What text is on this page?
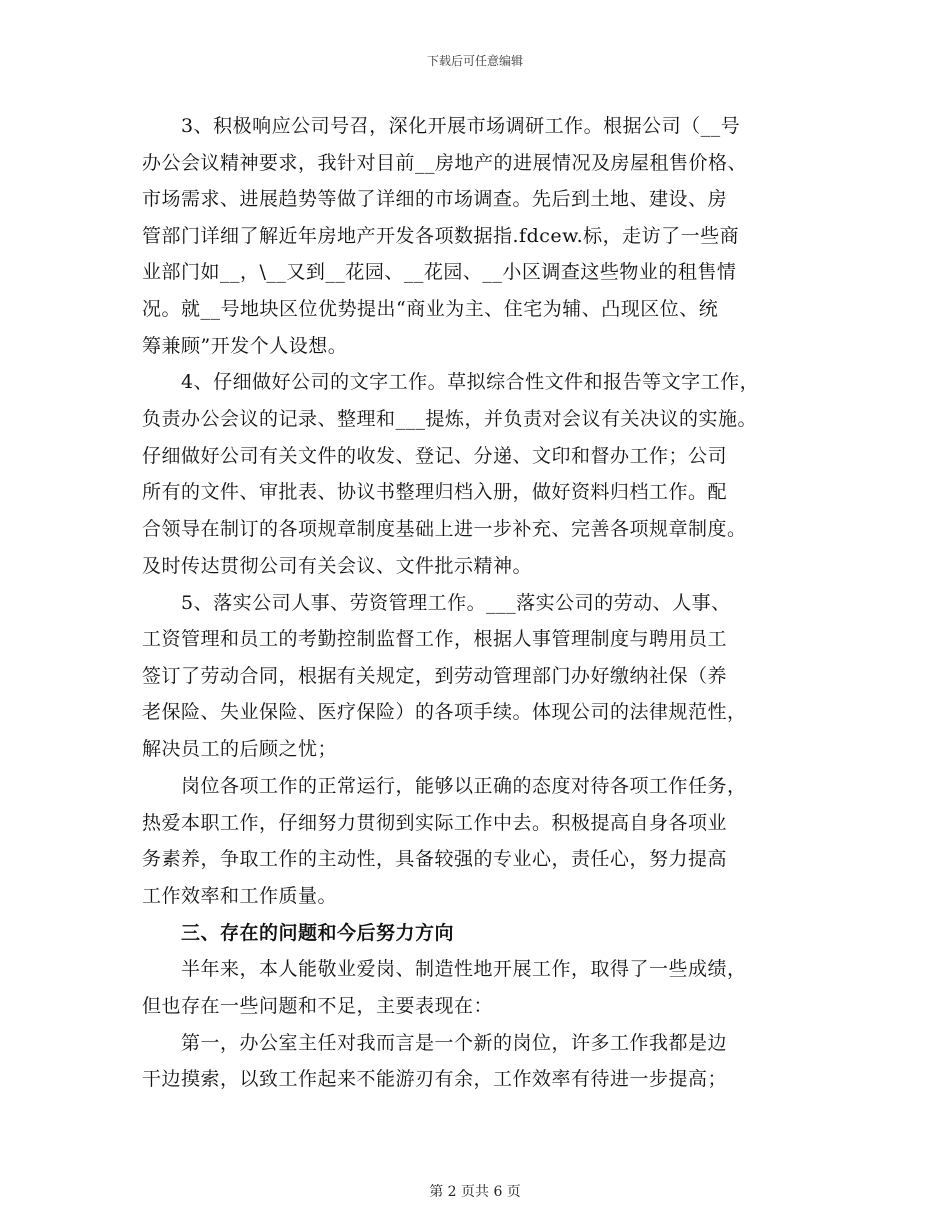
下载后可任意编辑
　　3、积极响应公司号召，深化开展市场调研工作。根据公司（__号
办公会议精神要求，我针对目前__房地产的进展情况及房屋租售价格、
市场需求、进展趋势等做了详细的市场调查。先后到土地、建设、房
管部门详细了解近年房地产开发各项数据指.fdcew.标，走访了一些商
业部门如__，\__又到__花园、__花园、__小区调查这些物业的租售情
况。就__号地块区位优势提出“商业为主、住宅为辅、凸现区位、统
筹兼顾”开发个人设想。
　　4、仔细做好公司的文字工作。草拟综合性文件和报告等文字工作，
负责办公会议的记录、整理和___提炼，并负责对会议有关决议的实施。
仔细做好公司有关文件的收发、登记、分递、文印和督办工作；公司
所有的文件、审批表、协议书整理归档入册，做好资料归档工作。配
合领导在制订的各项规章制度基础上进一步补充、完善各项规章制度。
及时传达贯彻公司有关会议、文件批示精神。
　　5、落实公司人事、劳资管理工作。___落实公司的劳动、人事、
工资管理和员工的考勤控制监督工作，根据人事管理制度与聘用员工
签订了劳动合同，根据有关规定，到劳动管理部门办好缴纳社保（养
老保险、失业保险、医疗保险）的各项手续。体现公司的法律规范性，
解决员工的后顾之忧；
　　岗位各项工作的正常运行，能够以正确的态度对待各项工作任务，
热爱本职工作，仔细努力贯彻到实际工作中去。积极提高自身各项业
务素养，争取工作的主动性，具备较强的专业心，责任心，努力提高
工作效率和工作质量。
　　三、存在的问题和今后努力方向
　　半年来，本人能敬业爱岗、制造性地开展工作，取得了一些成绩，
但也存在一些问题和不足，主要表现在：
　　第一，办公室主任对我而言是一个新的岗位，许多工作我都是边
干边摸索，以致工作起来不能游刃有余，工作效率有待进一步提高；
第 2 页共 6 页
